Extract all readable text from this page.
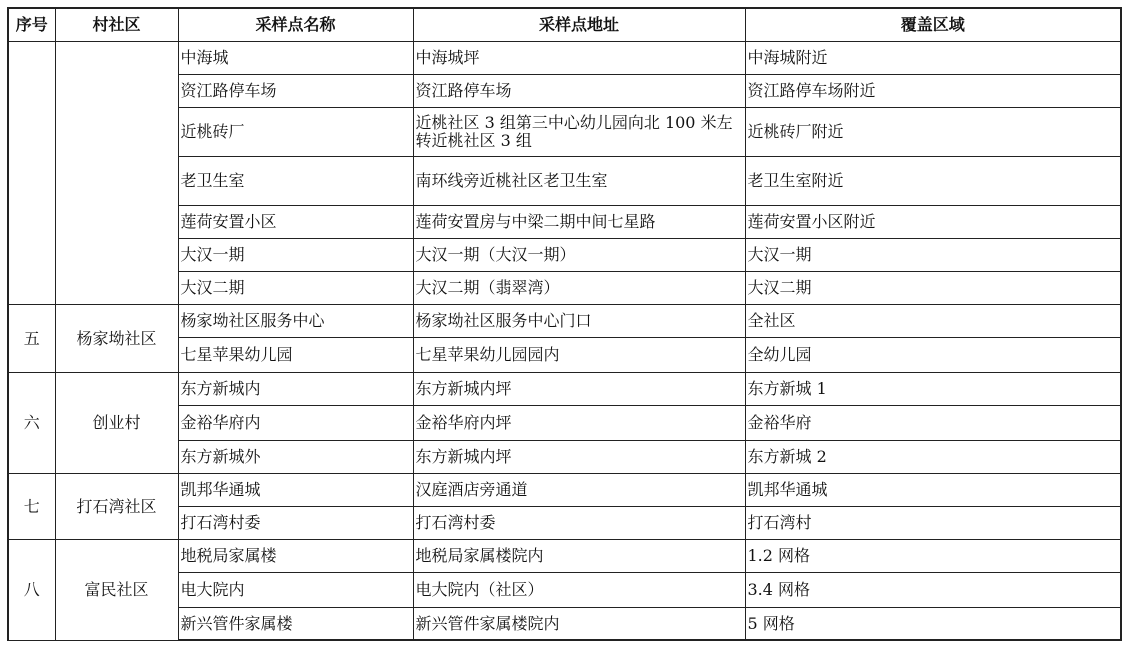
序号	村社区	采样点名称	采样点地址	覆盖区域
		中海城	中海城坪	中海城附近
		资江路停车场	资江路停车场	资江路停车场附近
		近桃砖厂	近桃社区 3 组第三中心幼儿园向北 100 米左转近桃社区 3 组	近桃砖厂附近
		老卫生室	南环线旁近桃社区老卫生室	老卫生室附近
		莲荷安置小区	莲荷安置房与中梁二期中间七星路	莲荷安置小区附近
		大汉一期	大汉一期（大汉一期）	大汉一期
		大汉二期	大汉二期（翡翠湾）	大汉二期
五	杨家坳社区	杨家坳社区服务中心	杨家坳社区服务中心门口	全社区
		七星苹果幼儿园	七星苹果幼儿园园内	全幼儿园
六	创业村	东方新城内	东方新城内坪	东方新城 1
		金裕华府内	金裕华府内坪	金裕华府
		东方新城外	东方新城内坪	东方新城 2
七	打石湾社区	凯邦华通城	汉庭酒店旁通道	凯邦华通城
		打石湾村委	打石湾村委	打石湾村
八	富民社区	地税局家属楼	地税局家属楼院内	1.2 网格
		电大院内	电大院内（社区）	3.4 网格
		新兴管件家属楼	新兴管件家属楼院内	5 网格
